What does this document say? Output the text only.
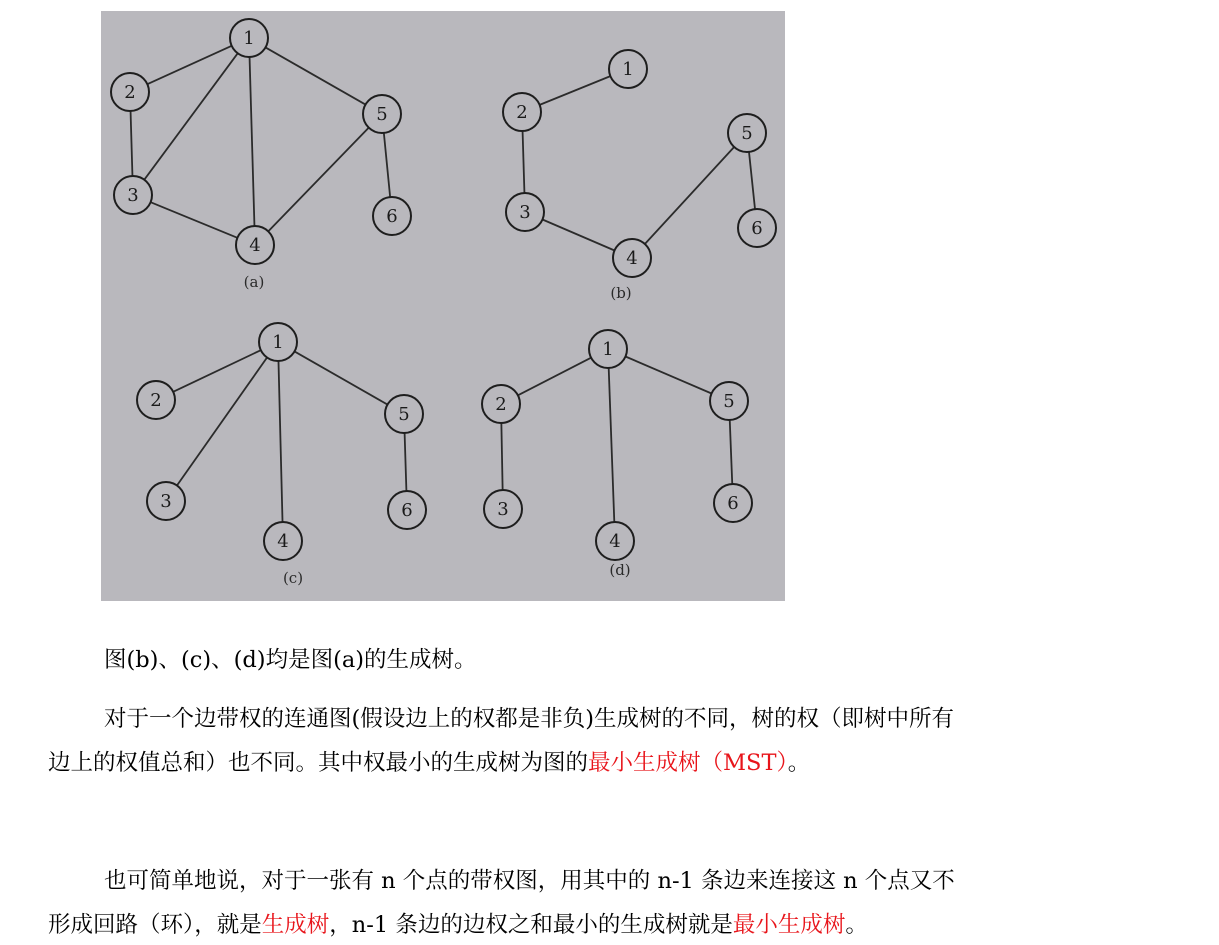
1
2
3
4
5
6
(a)
1
2
3
4
5
6
(b)
1
2
3
4
5
6
(c)
1
2
3
4
5
6
(d)

图(b)、(c)、(d)均是图(a)的生成树。

对于一个边带权的连通图(假设边上的权都是非负)生成树的不同，树的权（即树中所有

边上的权值总和）也不同。其中权最小的生成树为图的最小生成树（MST）。

也可简单地说，对于一张有 n 个点的带权图，用其中的 n-1 条边来连接这 n 个点又不

形成回路（环），就是生成树，n-1 条边的边权之和最小的生成树就是最小生成树。
